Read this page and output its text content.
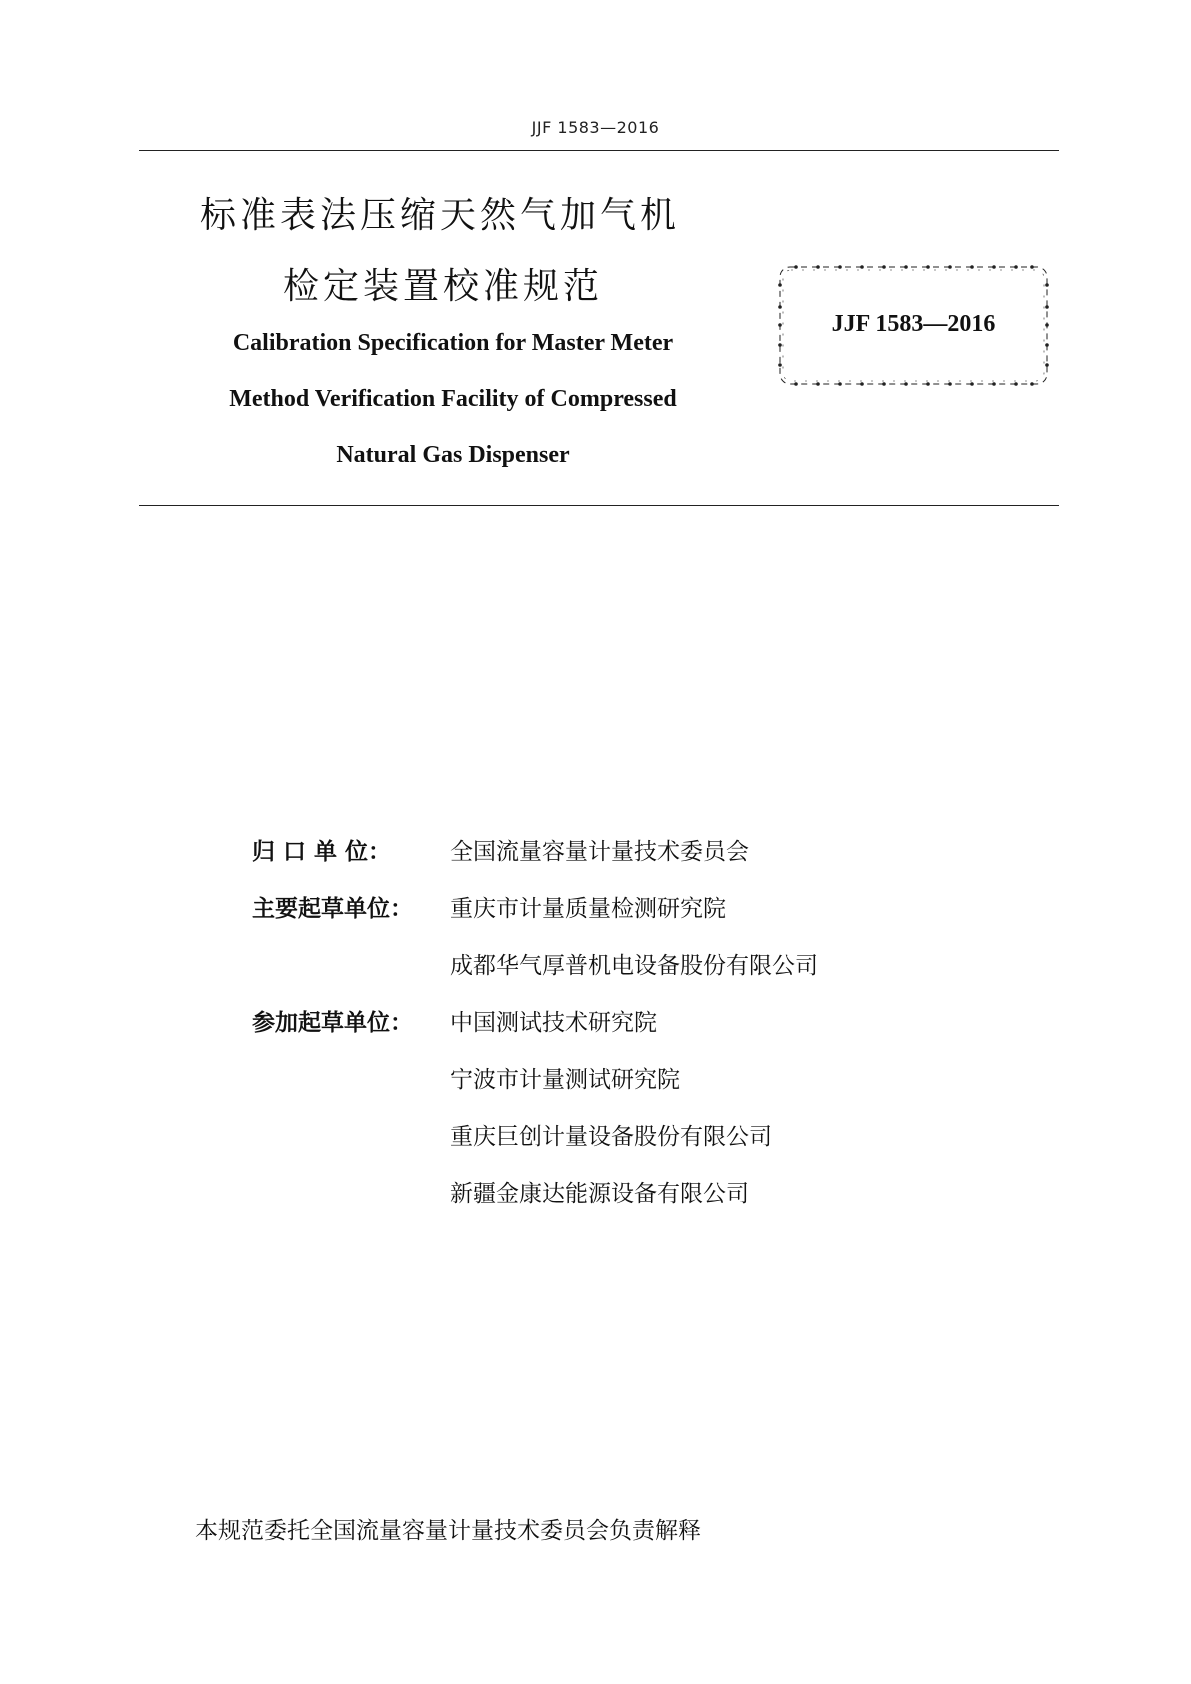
JJF 1583—2016
标准表法压缩天然气加气机
检定装置校准规范
Calibration Specification for Master Meter
Method Verification Facility of Compressed
Natural Gas Dispenser
JJF 1583—2016
归 口 单 位：	全国流量容量计量技术委员会
主要起草单位： 重庆市计量质量检测研究院
成都华气厚普机电设备股份有限公司
参加起草单位： 中国测试技术研究院
宁波市计量测试研究院
重庆巨创计量设备股份有限公司
新疆金康达能源设备有限公司
本规范委托全国流量容量计量技术委员会负责解释
